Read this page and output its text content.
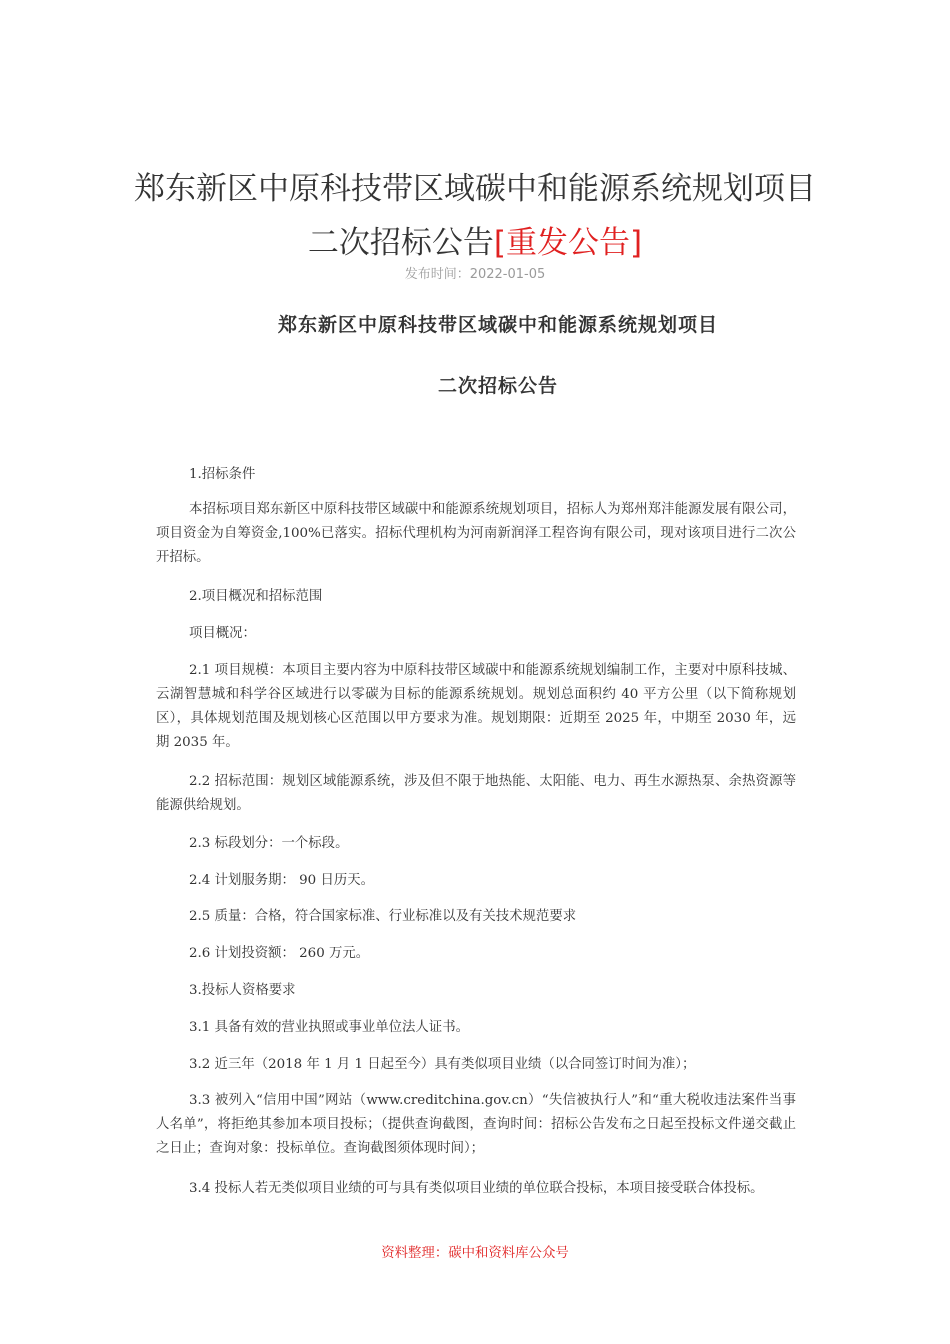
郑东新区中原科技带区域碳中和能源系统规划项目二次招标公告[重发公告]
发布时间：2022-01-05
郑东新区中原科技带区域碳中和能源系统规划项目
二次招标公告

1.招标条件

本招标项目郑东新区中原科技带区域碳中和能源系统规划项目，招标人为郑州郑沣能源发展有限公司，项目资金为自筹资金,100%已落实。招标代理机构为河南新润泽工程咨询有限公司，现对该项目进行二次公开招标。

2.项目概况和招标范围

项目概况：

2.1 项目规模：本项目主要内容为中原科技带区域碳中和能源系统规划编制工作，主要对中原科技城、云湖智慧城和科学谷区域进行以零碳为目标的能源系统规划。规划总面积约 40 平方公里（以下简称规划区），具体规划范围及规划核心区范围以甲方要求为准。规划期限：近期至 2025 年，中期至 2030 年，远期 2035 年。

2.2 招标范围：规划区域能源系统，涉及但不限于地热能、太阳能、电力、再生水源热泵、余热资源等能源供给规划。

2.3 标段划分：一个标段。

2.4 计划服务期： 90 日历天。

2.5 质量：合格，符合国家标准、行业标准以及有关技术规范要求

2.6 计划投资额： 260 万元。

3.投标人资格要求

3.1 具备有效的营业执照或事业单位法人证书。

3.2 近三年（2018 年 1 月 1 日起至今）具有类似项目业绩（以合同签订时间为准）；

3.3 被列入“信用中国”网站（www.creditchina.gov.cn）“失信被执行人”和“重大税收违法案件当事人名单”，将拒绝其参加本项目投标；（提供查询截图，查询时间：招标公告发布之日起至投标文件递交截止之日止；查询对象：投标单位。查询截图须体现时间）；

3.4 投标人若无类似项目业绩的可与具有类似项目业绩的单位联合投标，本项目接受联合体投标。

资料整理：碳中和资料库公众号
